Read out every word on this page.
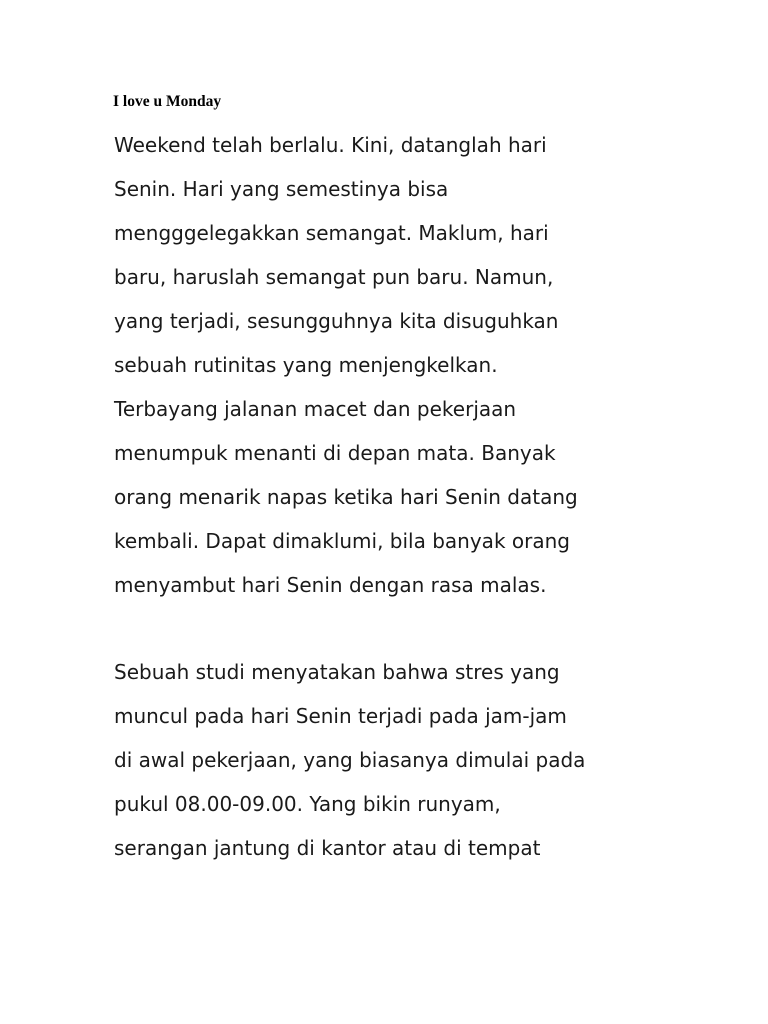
I love u Monday

Weekend telah berlalu. Kini, datanglah hari

Senin. Hari yang semestinya bisa

mengggelegakkan semangat. Maklum, hari

baru, haruslah semangat pun baru. Namun,

yang terjadi, sesungguhnya kita disuguhkan

sebuah rutinitas yang menjengkelkan.

Terbayang jalanan macet dan pekerjaan

menumpuk menanti di depan mata. Banyak

orang menarik napas ketika hari Senin datang

kembali. Dapat dimaklumi, bila banyak orang

menyambut hari Senin dengan rasa malas.

Sebuah studi menyatakan bahwa stres yang

muncul pada hari Senin terjadi pada jam-jam

di awal pekerjaan, yang biasanya dimulai pada

pukul 08.00-09.00. Yang bikin runyam,

serangan jantung di kantor atau di tempat
